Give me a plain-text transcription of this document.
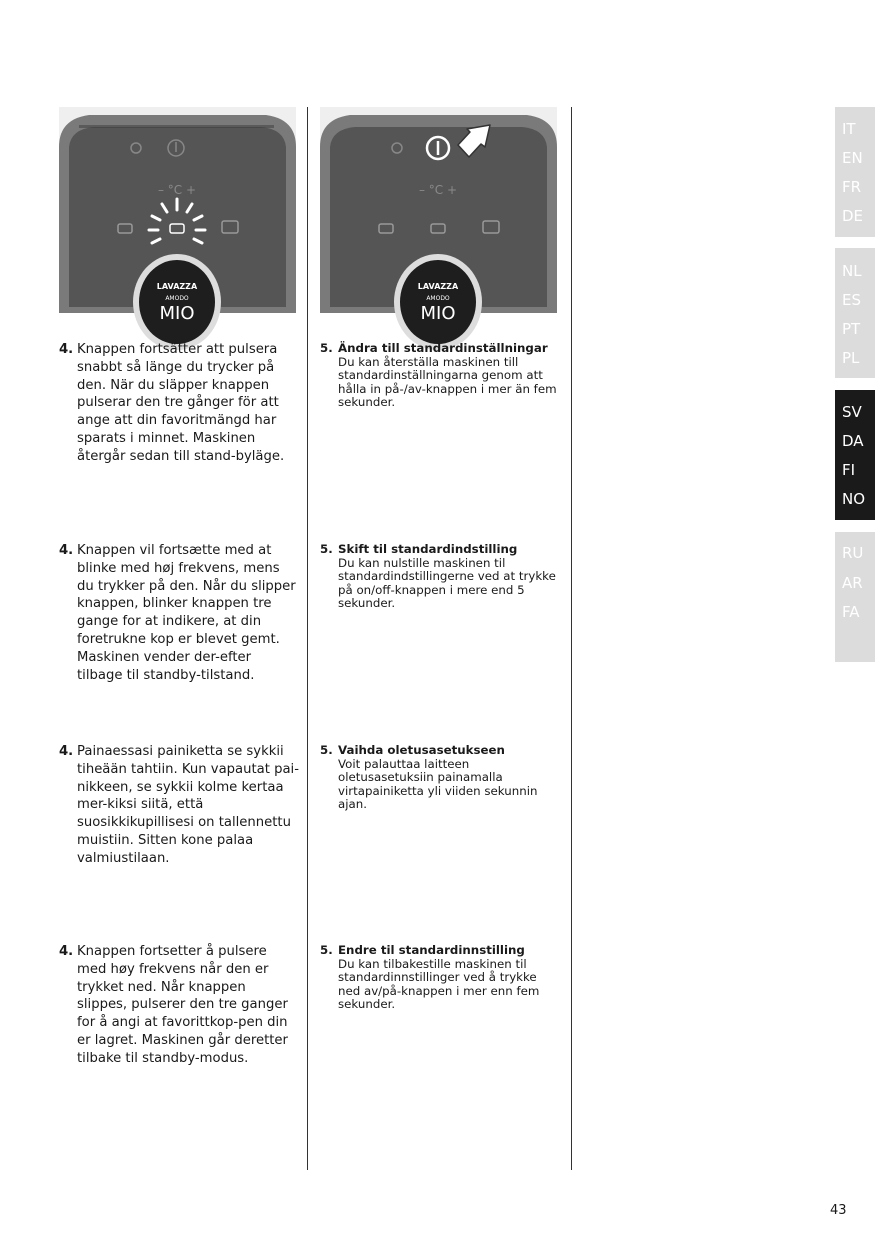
– °C +
LAVAZZA
AMODO
MIO
– °C +
LAVAZZA
AMODO
MIO
4. Knappen fortsätter att pulsera snabbt så länge du trycker på den. När du släpper knappen pulserar den tre gånger för att ange att din favoritmängd har sparats i minnet. Maskinen återgår sedan till stand-byläge.
5. Ändra till standardinställningar
Du kan återställa maskinen till standardinställningarna genom att hålla in på-/av-knappen i mer än fem sekunder.
4. Knappen vil fortsætte med at blinke med høj frekvens, mens du trykker på den. Når du slipper knappen, blinker knappen tre gange for at indikere, at din foretrukne kop er blevet gemt. Maskinen vender der-efter tilbage til standby-tilstand.
5. Skift til standardindstilling
Du kan nulstille maskinen til standardindstillingerne ved at trykke på on/off-knappen i mere end 5 sekunder.
4. Painaessasi painiketta se sykkii tiheään tahtiin. Kun vapautat pai-nikkeen, se sykkii kolme kertaa mer-kiksi siitä, että suosikkikupillisesi on tallennettu muistiin. Sitten kone palaa valmiustilaan.
5. Vaihda oletusasetukseen
Voit palauttaa laitteen oletusasetuksiin painamalla virtapainiketta yli viiden sekunnin ajan.
4. Knappen fortsetter å pulsere med høy frekvens når den er trykket ned. Når knappen slippes, pulserer den tre ganger for å angi at favorittkop-pen din er lagret. Maskinen går deretter tilbake til standby-modus.
5. Endre til standardinnstilling
Du kan tilbakestille maskinen til standardinnstillinger ved å trykke ned av/på-knappen i mer enn fem sekunder.
IT
EN
FR
DE
NL
ES
PT
PL
SV
DA
FI
NO
RU
AR
FA
43
